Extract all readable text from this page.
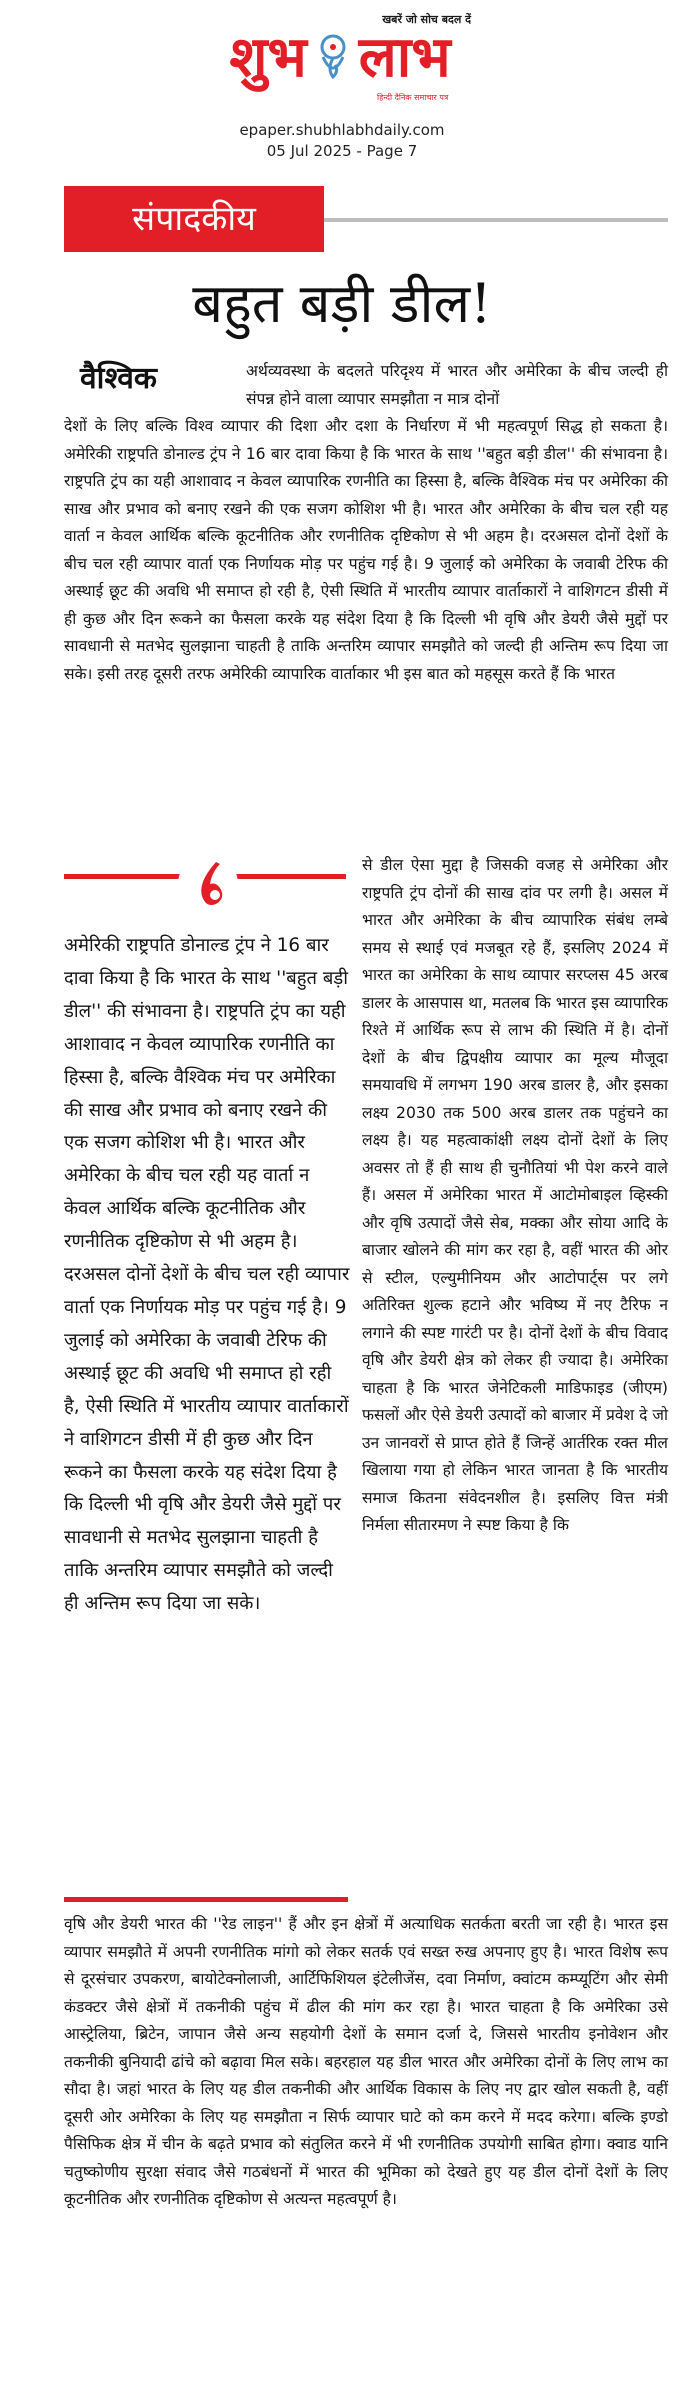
खबरें जो सोच बदल दें
शुभ लाभ
हिन्दी दैनिक समाचार पत्र
epaper.shubhlabhdaily.com
05 Jul 2025 - Page 7
संपादकीय
बहुत बड़ी डील!
वैश्विक	अर्थव्यवस्था के बदलते परिदृश्य में भारत और अमेरिका के बीच जल्दी ही संपन्न होने वाला व्यापार समझौता न मात्र दोनों

देशों के लिए बल्कि विश्व व्यापार की दिशा और दशा के निर्धारण में भी महत्वपूर्ण सिद्ध हो सकता है। अमेरिकी राष्ट्रपति डोनाल्ड ट्रंप ने 16 बार दावा किया है कि भारत के साथ ''बहुत बड़ी डील'' की संभावना है। राष्ट्रपति ट्रंप का यही आशावाद न केवल व्यापारिक रणनीति का हिस्सा है, बल्कि वैश्विक मंच पर अमेरिका की साख और प्रभाव को बनाए रखने की एक सजग कोशिश भी है। भारत और अमेरिका के बीच चल रही यह वार्ता न केवल आर्थिक बल्कि कूटनीतिक और रणनीतिक दृष्टिकोण से भी अहम है। दरअसल दोनों देशों के बीच चल रही व्यापार वार्ता एक निर्णायक मोड़ पर पहुंच गई है। 9 जुलाई को अमेरिका के जवाबी टेरिफ की अस्थाई छूट की अवधि भी समाप्त हो रही है, ऐसी स्थिति में भारतीय व्यापार वार्ताकारों ने वाशिगटन डीसी में ही कुछ और दिन रूकने का फैसला करके यह संदेश दिया है कि दिल्ली भी वृषि और डेयरी जैसे मुद्दों पर सावधानी से मतभेद सुलझाना चाहती है ताकि अन्तरिम व्यापार समझौते को जल्दी ही अन्तिम रूप दिया जा सके। इसी तरह दूसरी तरफ अमेरिकी व्यापारिक वार्ताकार भी इस बात को महसूस करते हैं कि भारत

अमेरिकी राष्ट्रपति डोनाल्ड ट्रंप ने 16 बार दावा किया है कि भारत के साथ ''बहुत बड़ी डील'' की संभावना है। राष्ट्रपति ट्रंप का यही आशावाद न केवल व्यापारिक रणनीति का हिस्सा है, बल्कि वैश्विक मंच पर अमेरिका की साख और प्रभाव को बनाए रखने की एक सजग कोशिश भी है। भारत और अमेरिका के बीच चल रही यह वार्ता न केवल आर्थिक बल्कि कूटनीतिक और रणनीतिक दृष्टिकोण से भी अहम है। दरअसल दोनों देशों के बीच चल रही व्यापार वार्ता एक निर्णायक मोड़ पर पहुंच गई है। 9 जुलाई को अमेरिका के जवाबी टेरिफ की अस्थाई छूट की अवधि भी समाप्त हो रही है, ऐसी स्थिति में भारतीय व्यापार वार्ताकारों ने वाशिगटन डीसी में ही कुछ और दिन रूकने का फैसला करके यह संदेश दिया है कि दिल्ली भी वृषि और डेयरी जैसे मुद्दों पर सावधानी से मतभेद सुलझाना चाहती है ताकि अन्तरिम व्यापार समझौते को जल्दी ही अन्तिम रूप दिया जा सके।

से डील ऐसा मुद्दा है जिसकी वजह से अमेरिका और राष्ट्रपति ट्रंप दोनों की साख दांव पर लगी है। असल में भारत और अमेरिका के बीच व्यापारिक संबंध लम्बे समय से स्थाई एवं मजबूत रहे हैं, इसलिए 2024 में भारत का अमेरिका के साथ व्यापार सरप्लस 45 अरब डालर के आसपास था, मतलब कि भारत इस व्यापारिक रिश्ते में आर्थिक रूप से लाभ की स्थिति में है। दोनों देशों के बीच द्विपक्षीय व्यापार का मूल्य मौजूदा समयावधि में लगभग 190 अरब डालर है, और इसका लक्ष्य 2030 तक 500 अरब डालर तक पहुंचने का लक्ष्य है। यह महत्वाकांक्षी लक्ष्य दोनों देशों के लिए अवसर तो हैं ही साथ ही चुनौतियां भी पेश करने वाले हैं। असल में अमेरिका भारत में आटोमोबाइल व्हिस्की और वृषि उत्पादों जैसे सेब, मक्का और सोया आदि के बाजार खोलने की मांग कर रहा है, वहीं भारत की ओर से स्टील, एल्युमीनियम और आटोपार्ट्स पर लगे अतिरिक्त शुल्क हटाने और भविष्य में नए टैरिफ न लगाने की स्पष्ट गारंटी पर है। दोनों देशों के बीच विवाद वृषि और डेयरी क्षेत्र को लेकर ही ज्यादा है। अमेरिका चाहता है कि भारत जेनेटिकली माडिफाइड (जीएम) फसलों और ऐसे डेयरी उत्पादों को बाजार में प्रवेश दे जो उन जानवरों से प्राप्त होते हैं जिन्हें आर्तरिक रक्त मील खिलाया गया हो लेकिन भारत जानता है कि भारतीय समाज कितना संवेदनशील है। इसलिए वित्त मंत्री निर्मला सीतारमण ने स्पष्ट किया है कि

वृषि और डेयरी भारत की ''रेड लाइन'' हैं और इन क्षेत्रों में अत्याधिक सतर्कता बरती जा रही है। भारत इस व्यापार समझौते में अपनी रणनीतिक मांगो को लेकर सतर्क एवं सख्त रुख अपनाए हुए है। भारत विशेष रूप से दूरसंचार उपकरण, बायोटेक्नोलाजी, आर्टिफिशियल इंटेलीजेंस, दवा निर्माण, क्वांटम कम्प्यूटिंग और सेमी कंडक्टर जैसे क्षेत्रों में तकनीकी पहुंच में ढील की मांग कर रहा है। भारत चाहता है कि अमेरिका उसे आस्ट्रेलिया, ब्रिटेन, जापान जैसे अन्य सहयोगी देशों के समान दर्जा दे, जिससे भारतीय इनोवेशन और तकनीकी बुनियादी ढांचे को बढ़ावा मिल सके। बहरहाल यह डील भारत और अमेरिका दोनों के लिए लाभ का सौदा है। जहां भारत के लिए यह डील तकनीकी और आर्थिक विकास के लिए नए द्वार खोल सकती है, वहीं दूसरी ओर अमेरिका के लिए यह समझौता न सिर्फ व्यापार घाटे को कम करने में मदद करेगा। बल्कि इण्डो पैसिफिक क्षेत्र में चीन के बढ़ते प्रभाव को संतुलित करने में भी रणनीतिक उपयोगी साबित होगा। क्वाड यानि चतुष्कोणीय सुरक्षा संवाद जैसे गठबंधनों में भारत की भूमिका को देखते हुए यह डील दोनों देशों के लिए कूटनीतिक और रणनीतिक दृष्टिकोण से अत्यन्त महत्वपूर्ण है।
